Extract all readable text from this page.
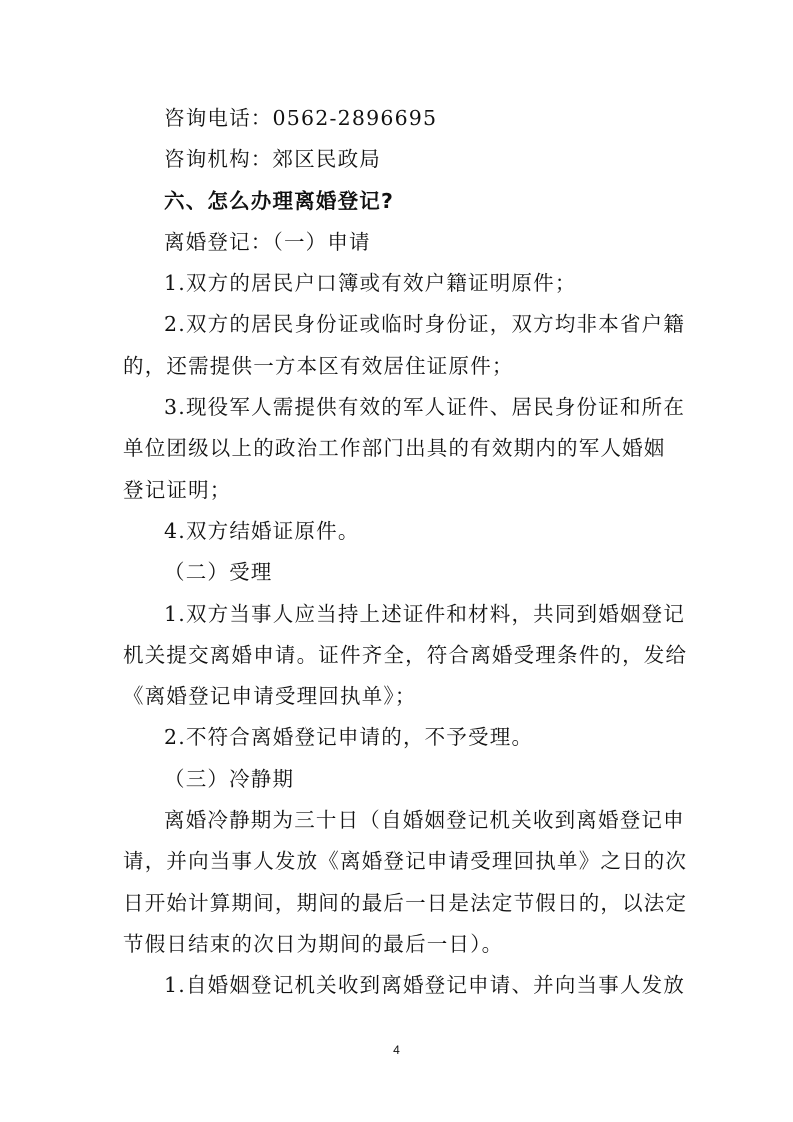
咨询电话：0562-2896695
咨询机构：郊区民政局
六、怎么办理离婚登记?
离婚登记：（一）申请
1.双方的居民户口簿或有效户籍证明原件；
2.双方的居民身份证或临时身份证，双方均非本省户籍
的，还需提供一方本区有效居住证原件；
3.现役军人需提供有效的军人证件、居民身份证和所在
单位团级以上的政治工作部门出具的有效期内的军人婚姻
登记证明；
4.双方结婚证原件。
（二）受理
1.双方当事人应当持上述证件和材料，共同到婚姻登记
机关提交离婚申请。证件齐全，符合离婚受理条件的，发给
《离婚登记申请受理回执单》；
2.不符合离婚登记申请的，不予受理。
（三）冷静期
离婚冷静期为三十日（自婚姻登记机关收到离婚登记申
请，并向当事人发放《离婚登记申请受理回执单》之日的次
日开始计算期间，期间的最后一日是法定节假日的，以法定
节假日结束的次日为期间的最后一日）。
1.自婚姻登记机关收到离婚登记申请、并向当事人发放
4
